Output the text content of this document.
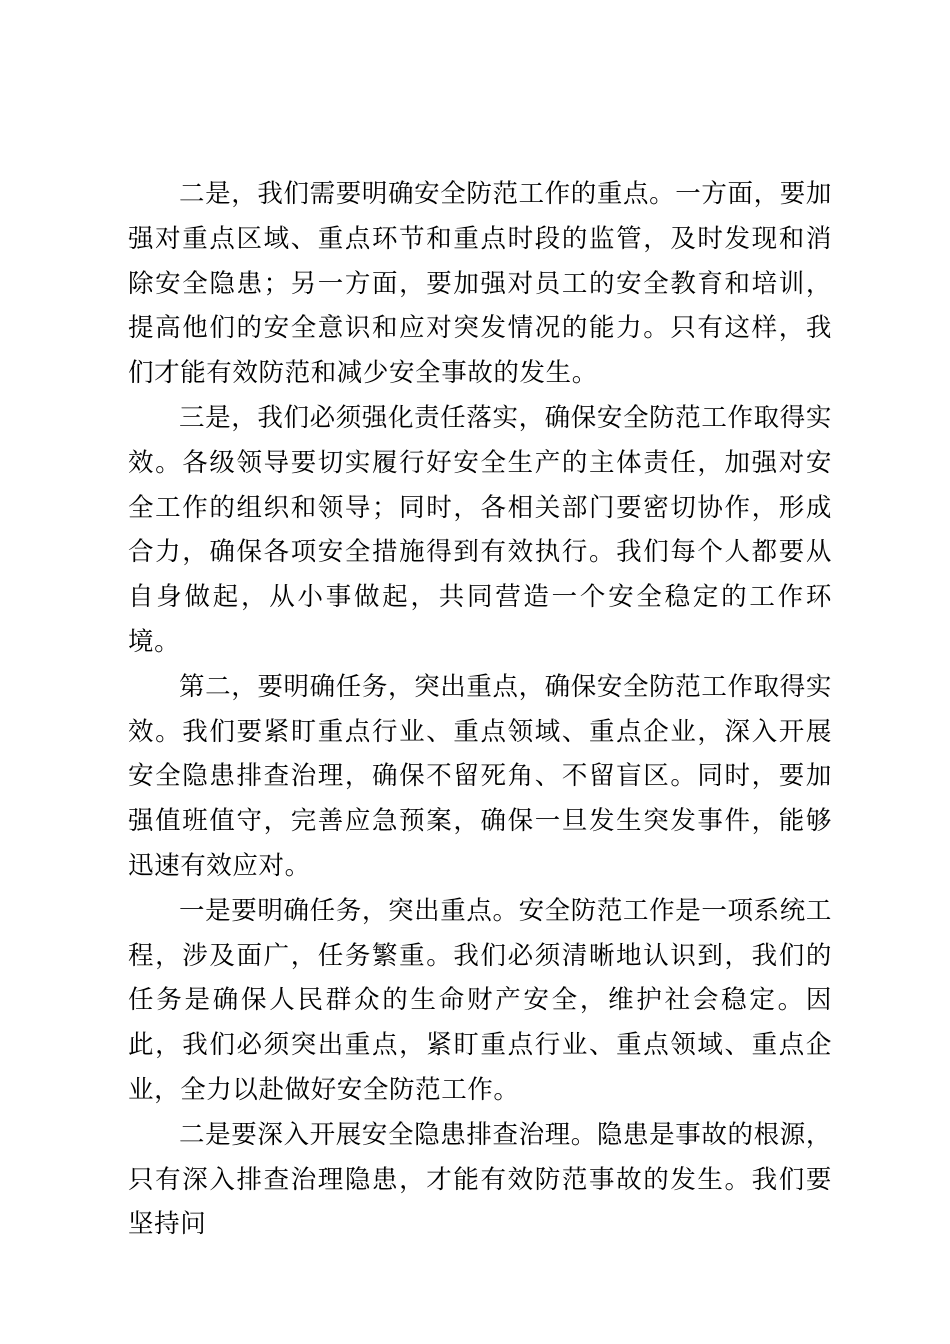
二是，我们需要明确安全防范工作的重点。一方面，要加强对重点区域、重点环节和重点时段的监管，及时发现和消除安全隐患；另一方面，要加强对员工的安全教育和培训，提高他们的安全意识和应对突发情况的能力。只有这样，我们才能有效防范和减少安全事故的发生。

三是，我们必须强化责任落实，确保安全防范工作取得实效。各级领导要切实履行好安全生产的主体责任，加强对安全工作的组织和领导；同时，各相关部门要密切协作，形成合力，确保各项安全措施得到有效执行。我们每个人都要从自身做起，从小事做起，共同营造一个安全稳定的工作环境。

第二，要明确任务，突出重点，确保安全防范工作取得实效。我们要紧盯重点行业、重点领域、重点企业，深入开展安全隐患排查治理，确保不留死角、不留盲区。同时，要加强值班值守，完善应急预案，确保一旦发生突发事件，能够迅速有效应对。

一是要明确任务，突出重点。安全防范工作是一项系统工程，涉及面广，任务繁重。我们必须清晰地认识到，我们的任务是确保人民群众的生命财产安全，维护社会稳定。因此，我们必须突出重点，紧盯重点行业、重点领域、重点企业，全力以赴做好安全防范工作。

二是要深入开展安全隐患排查治理。隐患是事故的根源，只有深入排查治理隐患，才能有效防范事故的发生。我们要坚持问
